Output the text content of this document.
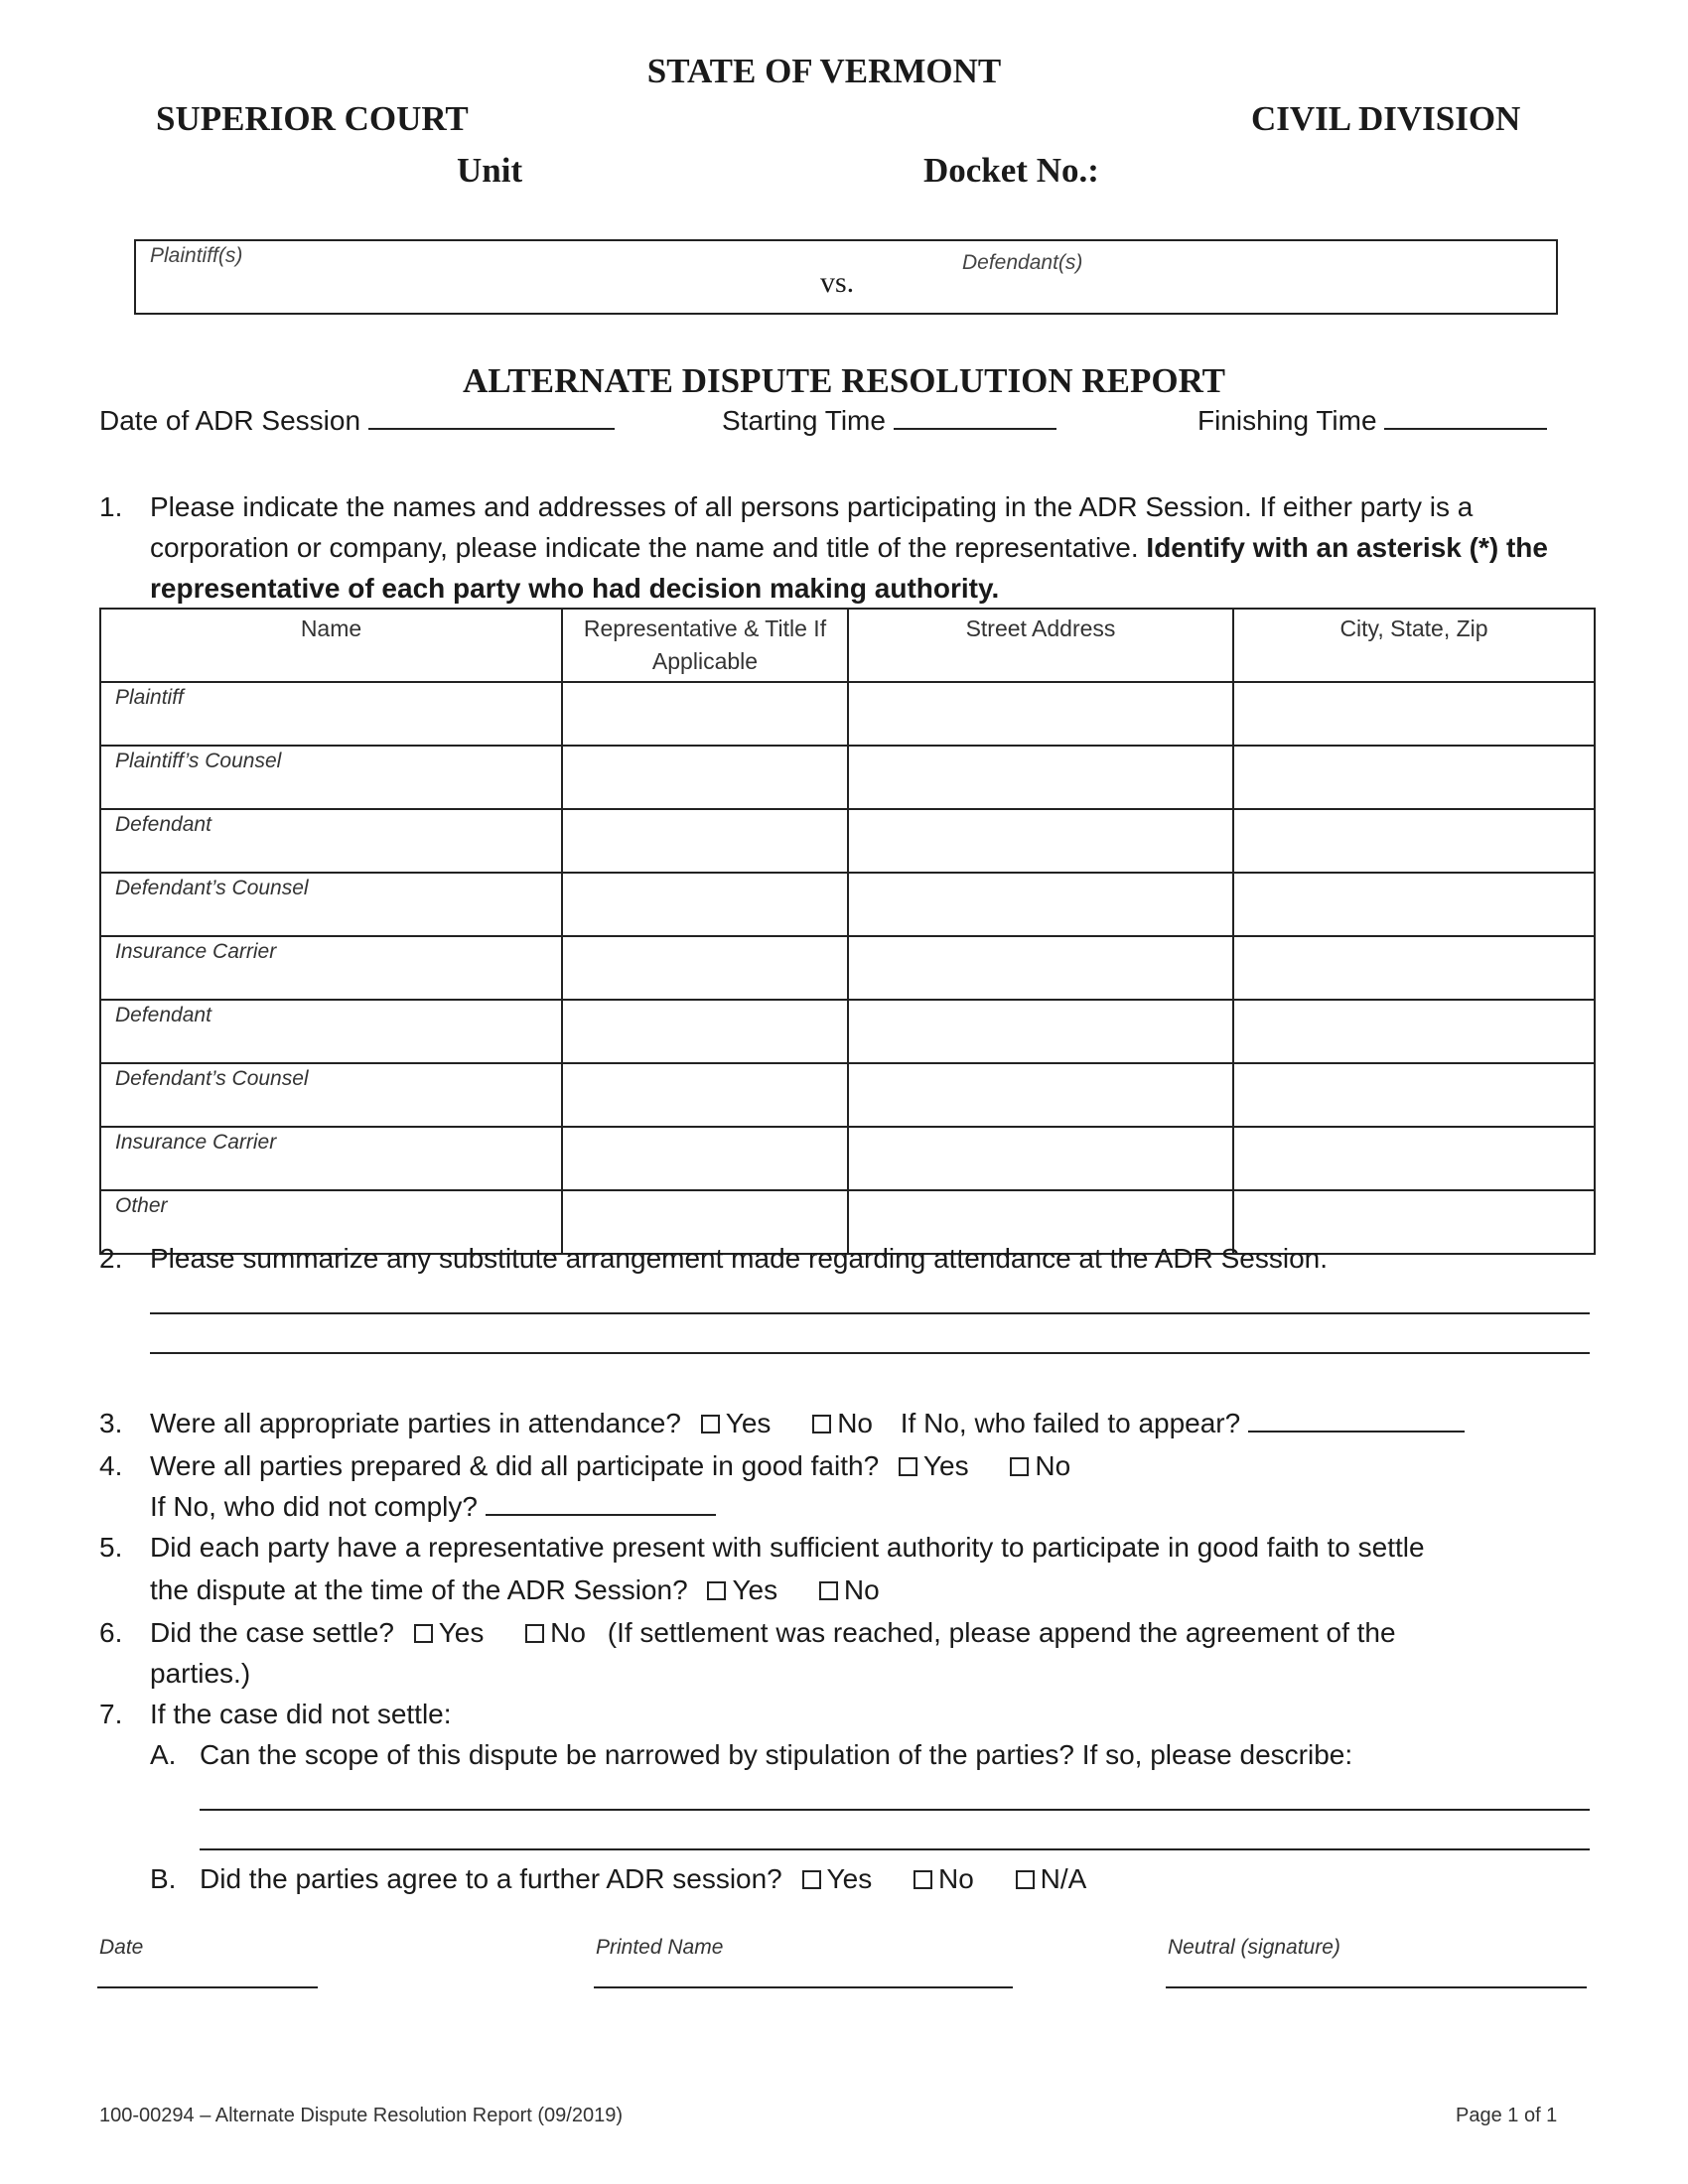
STATE OF VERMONT
SUPERIOR COURT	CIVIL DIVISION
Unit	Docket No.:
Plaintiff(s)	Defendant(s)
vs.
ALTERNATE DISPUTE RESOLUTION REPORT
Date of ADR Session	Starting Time	Finishing Time
1. Please indicate the names and addresses of all persons participating in the ADR Session. If either party is a corporation or company, please indicate the name and title of the representative. Identify with an asterisk (*) the representative of each party who had decision making authority.
Name	Representative & Title If Applicable	Street Address	City, State, Zip
Plaintiff			
Plaintiff’s Counsel			
Defendant			
Defendant’s Counsel			
Insurance Carrier			
Defendant			
Defendant’s Counsel			
Insurance Carrier			
Other			
2. Please summarize any substitute arrangement made regarding attendance at the ADR Session.
3. Were all appropriate parties in attendance? Yes No If No, who failed to appear?
4. Were all parties prepared & did all participate in good faith? Yes No
If No, who did not comply?
5. Did each party have a representative present with sufficient authority to participate in good faith to settle
the dispute at the time of the ADR Session? Yes No
6. Did the case settle? Yes No (If settlement was reached, please append the agreement of the
parties.)
7. If the case did not settle:
A. Can the scope of this dispute be narrowed by stipulation of the parties? If so, please describe:
B. Did the parties agree to a further ADR session? Yes No N/A
Date	Printed Name	Neutral (signature)
100-00294 – Alternate Dispute Resolution Report (09/2019)	Page 1 of 1
